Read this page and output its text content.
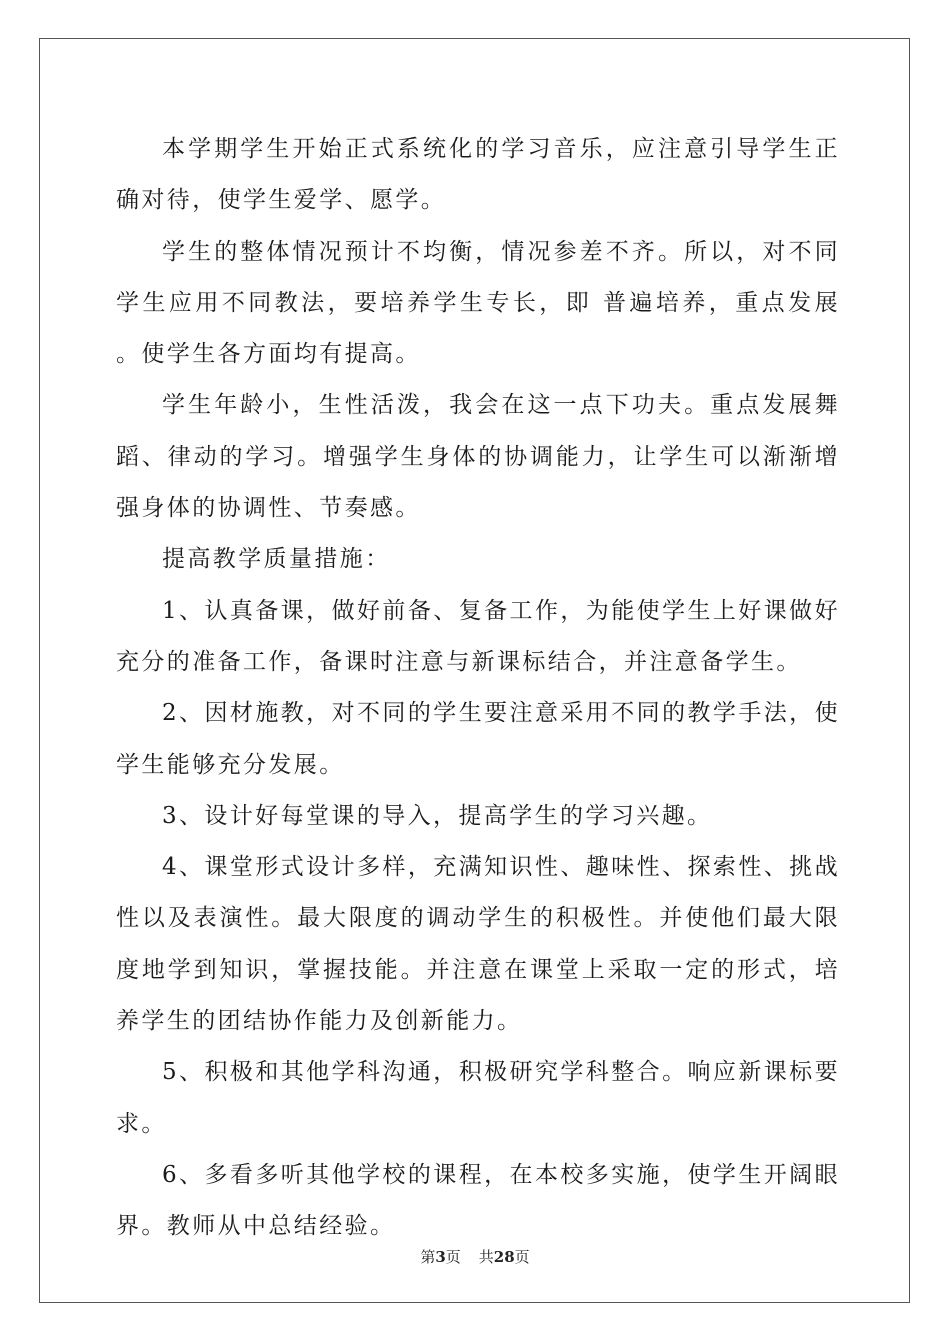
本学期学生开始正式系统化的学习音乐，应注意引导学生正确对待，使学生爱学、愿学。

学生的整体情况预计不均衡，情况参差不齐。所以，对不同学生应用不同教法，要培养学生专长，即 普遍培养，重点发展 。使学生各方面均有提高。

学生年龄小，生性活泼，我会在这一点下功夫。重点发展舞蹈、律动的学习。增强学生身体的协调能力，让学生可以渐渐增强身体的协调性、节奏感。

提高教学质量措施：

1、认真备课，做好前备、复备工作，为能使学生上好课做好充分的准备工作，备课时注意与新课标结合，并注意备学生。

2、因材施教，对不同的学生要注意采用不同的教学手法，使学生能够充分发展。

3、设计好每堂课的导入，提高学生的学习兴趣。

4、课堂形式设计多样，充满知识性、趣味性、探索性、挑战性以及表演性。最大限度的调动学生的积极性。并使他们最大限度地学到知识，掌握技能。并注意在课堂上采取一定的形式，培养学生的团结协作能力及创新能力。

5、积极和其他学科沟通，积极研究学科整合。响应新课标要求。

6、多看多听其他学校的课程，在本校多实施，使学生开阔眼界。教师从中总结经验。

第3页 共28页
